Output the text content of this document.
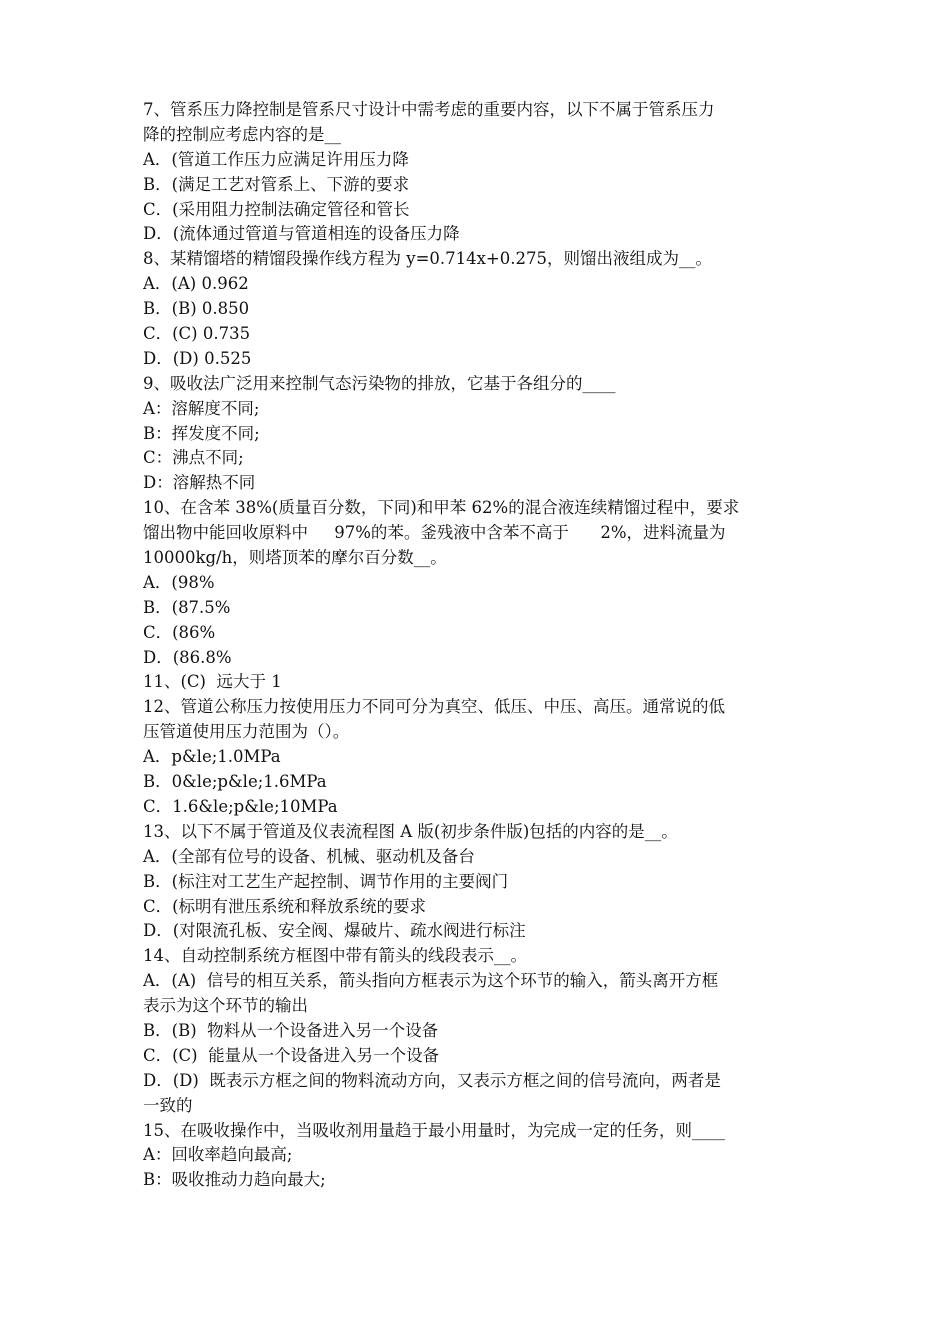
7、管系压力降控制是管系尺寸设计中需考虑的重要内容，以下不属于管系压力
降的控制应考虑内容的是__
A．(管道工作压力应满足许用压力降
B．(满足工艺对管系上、下游的要求
C．(采用阻力控制法确定管径和管长
D．(流体通过管道与管道相连的设备压力降
8、某精馏塔的精馏段操作线方程为 y=0.714x+0.275，则馏出液组成为__。
A．(A) 0.962
B．(B) 0.850
C．(C) 0.735
D．(D) 0.525
9、吸收法广泛用来控制气态污染物的排放，它基于各组分的____
A：溶解度不同;
B：挥发度不同;
C：沸点不同;
D：溶解热不同
10、在含苯 38%(质量百分数，下同)和甲苯 62%的混合液连续精馏过程中，要求
馏出物中能回收原料中     97%的苯。釜残液中含苯不高于      2%，进料流量为
10000kg/h，则塔顶苯的摩尔百分数__。
A．(98%
B．(87.5%
C．(86%
D．(86.8%
11、(C)  远大于 1
12、管道公称压力按使用压力不同可分为真空、低压、中压、高压。通常说的低
压管道使用压力范围为（）。
A．p&le;1.0MPa
B．0&le;p&le;1.6MPa
C．1.6&le;p&le;10MPa
13、以下不属于管道及仪表流程图 A 版(初步条件版)包括的内容的是__。
A．(全部有位号的设备、机械、驱动机及备台
B．(标注对工艺生产起控制、调节作用的主要阀门
C．(标明有泄压系统和释放系统的要求
D．(对限流孔板、安全阀、爆破片、疏水阀进行标注
14、自动控制系统方框图中带有箭头的线段表示__。
A．(A)  信号的相互关系，箭头指向方框表示为这个环节的输入，箭头离开方框
表示为这个环节的输出
B．(B)  物料从一个设备进入另一个设备
C．(C)  能量从一个设备进入另一个设备
D．(D)  既表示方框之间的物料流动方向，又表示方框之间的信号流向，两者是
一致的
15、在吸收操作中，当吸收剂用量趋于最小用量时，为完成一定的任务，则____
A：回收率趋向最高;
B：吸收推动力趋向最大;
